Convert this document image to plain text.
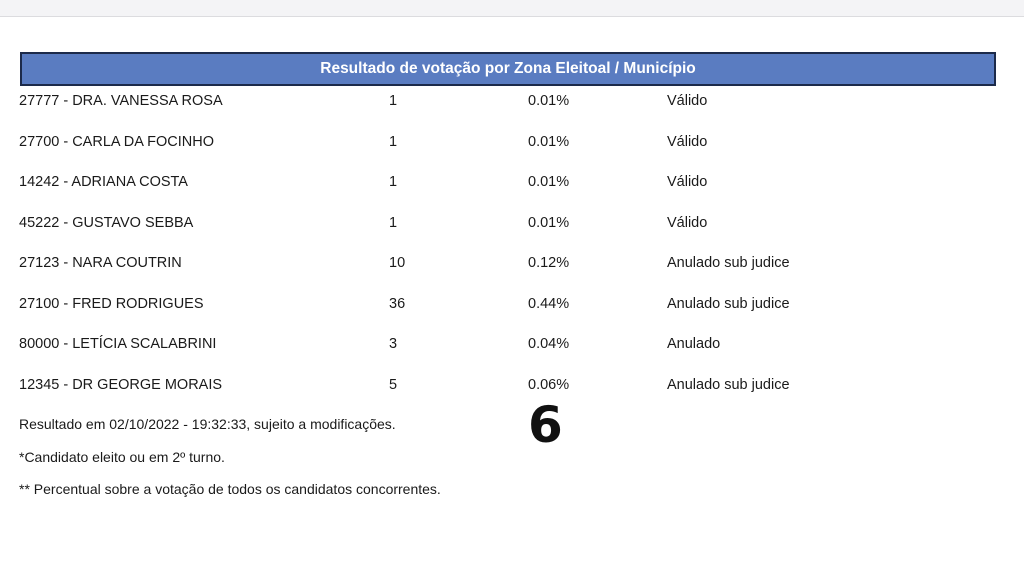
Resultado de votação por Zona Eleitoal / Município
27777 - DRA. VANESSA ROSA	1	0.01%	Válido
27700 - CARLA DA FOCINHO	1	0.01%	Válido
14242 - ADRIANA COSTA	1	0.01%	Válido
45222 - GUSTAVO SEBBA	1	0.01%	Válido
27123 - NARA COUTRIN	10	0.12%	Anulado sub judice
27100 - FRED RODRIGUES	36	0.44%	Anulado sub judice
80000 - LETÍCIA SCALABRINI	3	0.04%	Anulado
12345 - DR GEORGE MORAIS	5	0.06%	Anulado sub judice
Resultado em 02/10/2022 - 19:32:33, sujeito a modificações.
*Candidato eleito ou em 2º turno.
** Percentual sobre a votação de todos os candidatos concorrentes.
6
